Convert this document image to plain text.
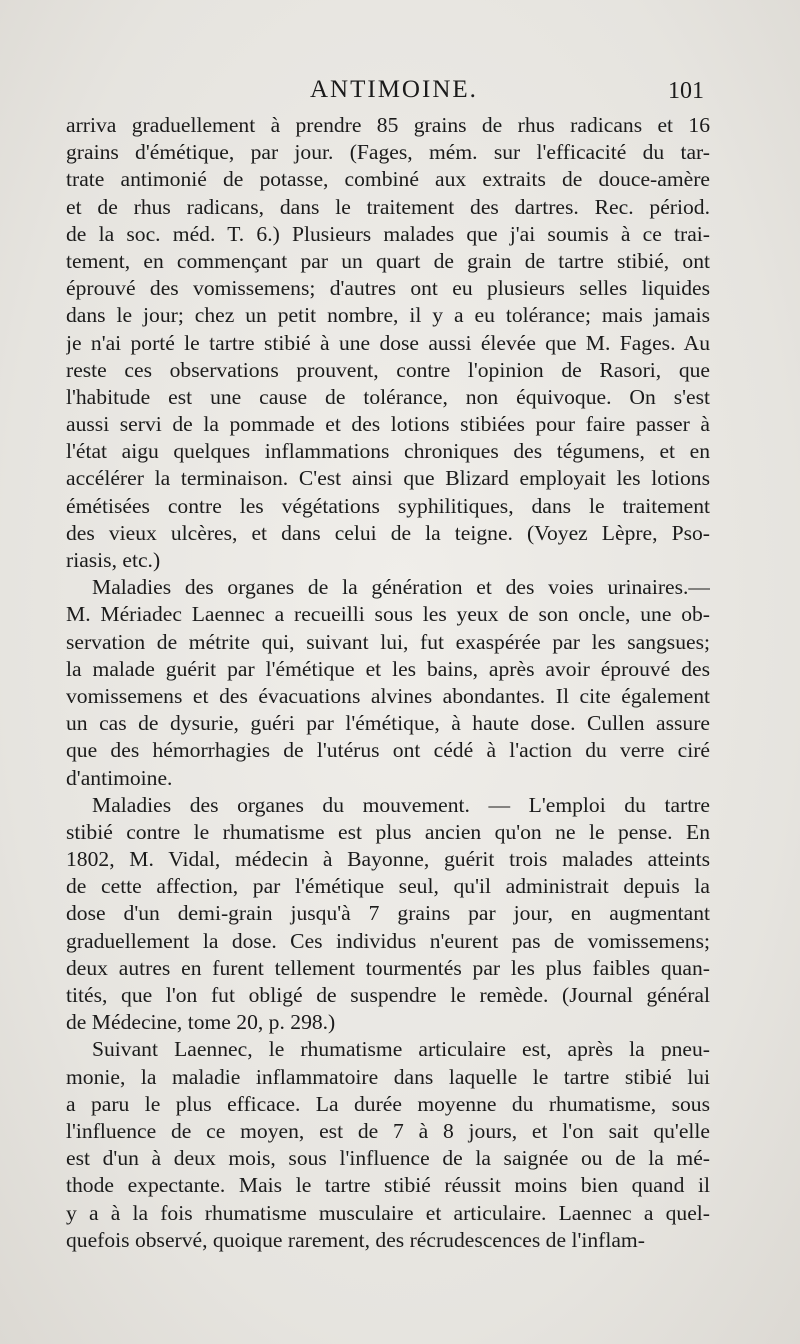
ANTIMOINE.	101
arriva graduellement à prendre 85 grains de rhus radicans et 16
grains d'émétique, par jour. (Fages, mém. sur l'efficacité du tar-
trate antimonié de potasse, combiné aux extraits de douce-amère
et de rhus radicans, dans le traitement des dartres. Rec. périod.
de la soc. méd. T. 6.) Plusieurs malades que j'ai soumis à ce trai-
tement, en commençant par un quart de grain de tartre stibié, ont
éprouvé des vomissemens; d'autres ont eu plusieurs selles liquides
dans le jour; chez un petit nombre, il y a eu tolérance; mais jamais
je n'ai porté le tartre stibié à une dose aussi élevée que M. Fages. Au
reste ces observations prouvent, contre l'opinion de Rasori, que
l'habitude est une cause de tolérance, non équivoque. On s'est
aussi servi de la pommade et des lotions stibiées pour faire passer à
l'état aigu quelques inflammations chroniques des tégumens, et en
accélérer la terminaison. C'est ainsi que Blizard employait les lotions
émétisées contre les végétations syphilitiques, dans le traitement
des vieux ulcères, et dans celui de la teigne. (Voyez Lèpre, Pso-
riasis, etc.)
Maladies des organes de la génération et des voies urinaires.—
M. Mériadec Laennec a recueilli sous les yeux de son oncle, une ob-
servation de métrite qui, suivant lui, fut exaspérée par les sangsues;
la malade guérit par l'émétique et les bains, après avoir éprouvé des
vomissemens et des évacuations alvines abondantes. Il cite également
un cas de dysurie, guéri par l'émétique, à haute dose. Cullen assure
que des hémorrhagies de l'utérus ont cédé à l'action du verre ciré
d'antimoine.
Maladies des organes du mouvement. — L'emploi du tartre
stibié contre le rhumatisme est plus ancien qu'on ne le pense. En
1802, M. Vidal, médecin à Bayonne, guérit trois malades atteints
de cette affection, par l'émétique seul, qu'il administrait depuis la
dose d'un demi-grain jusqu'à 7 grains par jour, en augmentant
graduellement la dose. Ces individus n'eurent pas de vomissemens;
deux autres en furent tellement tourmentés par les plus faibles quan-
tités, que l'on fut obligé de suspendre le remède. (Journal général
de Médecine, tome 20, p. 298.)
Suivant Laennec, le rhumatisme articulaire est, après la pneu-
monie, la maladie inflammatoire dans laquelle le tartre stibié lui
a paru le plus efficace. La durée moyenne du rhumatisme, sous
l'influence de ce moyen, est de 7 à 8 jours, et l'on sait qu'elle
est d'un à deux mois, sous l'influence de la saignée ou de la mé-
thode expectante. Mais le tartre stibié réussit moins bien quand il
y a à la fois rhumatisme musculaire et articulaire. Laennec a quel-
quefois observé, quoique rarement, des récrudescences de l'inflam-
